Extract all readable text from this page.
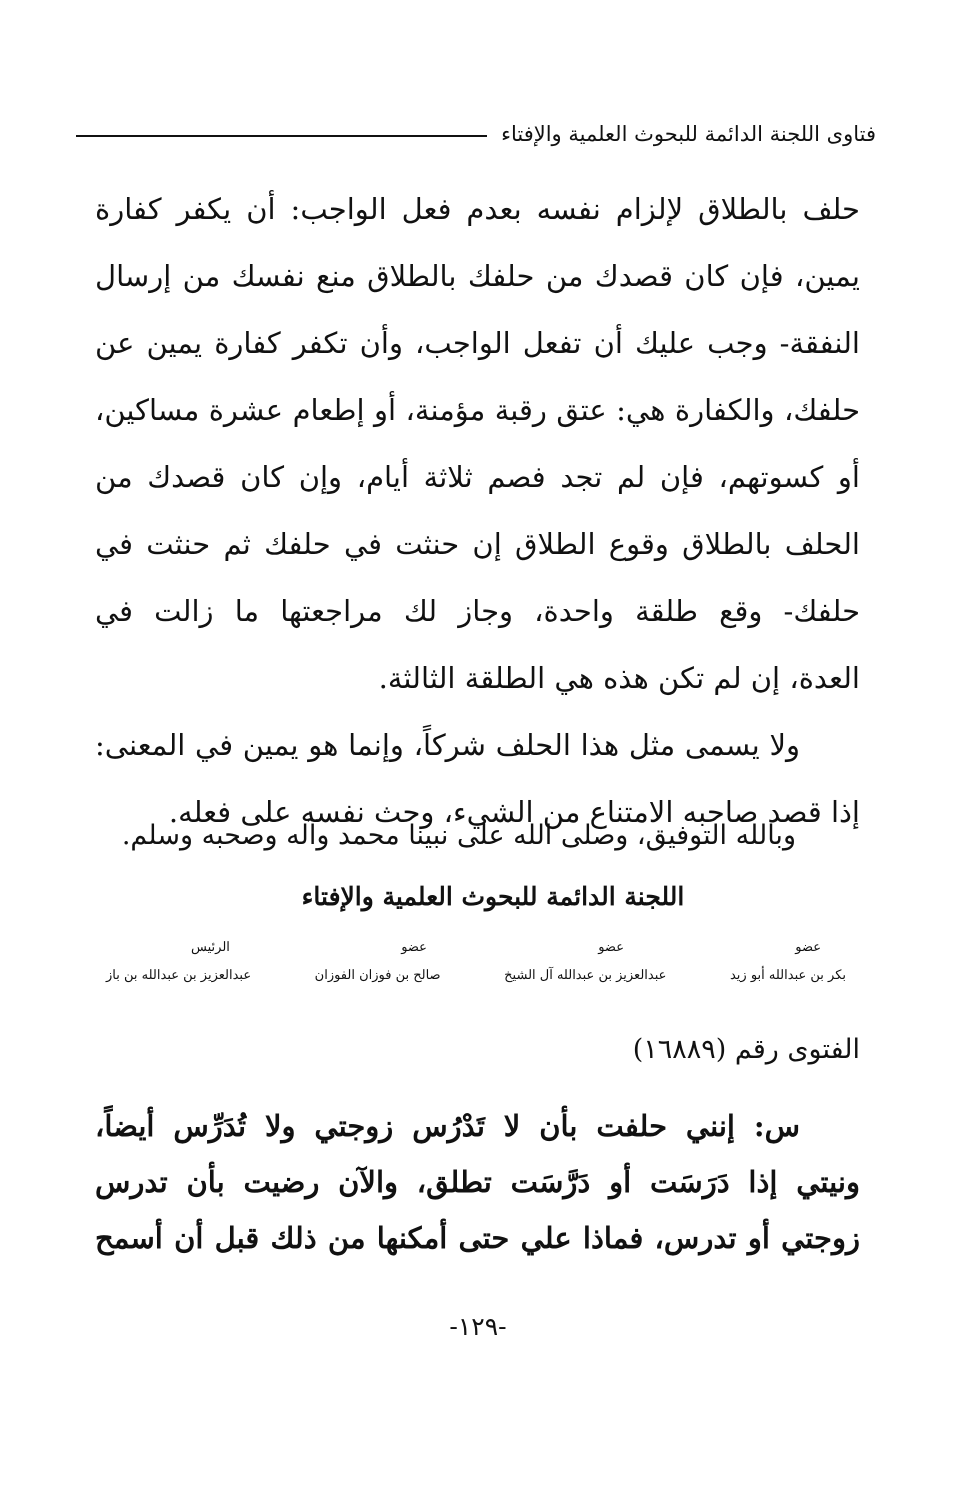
فتاوى اللجنة الدائمة للبحوث العلمية والإفتاء
حلف بالطلاق لإلزام نفسه بعدم فعل الواجب: أن يكفر كفارة
يمين، فإن كان قصدك من حلفك بالطلاق منع نفسك من إرسال
النفقة- وجب عليك أن تفعل الواجب، وأن تكفر كفارة يمين عن
حلفك، والكفارة هي: عتق رقبة مؤمنة، أو إطعام عشرة مساكين،
أو كسوتهم، فإن لم تجد فصم ثلاثة أيام، وإن كان قصدك من
الحلف بالطلاق وقوع الطلاق إن حنثت في حلفك ثم حنثت في
حلفك- وقع طلقة واحدة، وجاز لك مراجعتها ما زالت في
العدة، إن لم تكن هذه هي الطلقة الثالثة.
ولا يسمى مثل هذا الحلف شركاً، وإنما هو يمين في المعنى:
إذا قصد صاحبه الامتناع من الشيء، وحث نفسه على فعله.
وبالله التوفيق، وصلى الله على نبينا محمد وآله وصحبه وسلم.
اللجنة الدائمة للبحوث العلمية والإفتاء
عضو
عضو
عضو
الرئيس
بكر بن عبدالله أبو زيد
عبدالعزيز بن عبدالله آل الشيخ
صالح بن فوزان الفوزان
عبدالعزيز بن عبدالله بن باز
الفتوى رقم (١٦٨٨٩)
س: إنني حلفت بأن لا تَدْرُس زوجتي ولا تُدَرِّس أيضاً،
ونيتي إذا دَرَسَت أو دَرَّسَت تطلق، والآن رضيت بأن تدرس
زوجتي أو تدرس، فماذا علي حتى أمكنها من ذلك قبل أن أسمح
-١٢٩-
